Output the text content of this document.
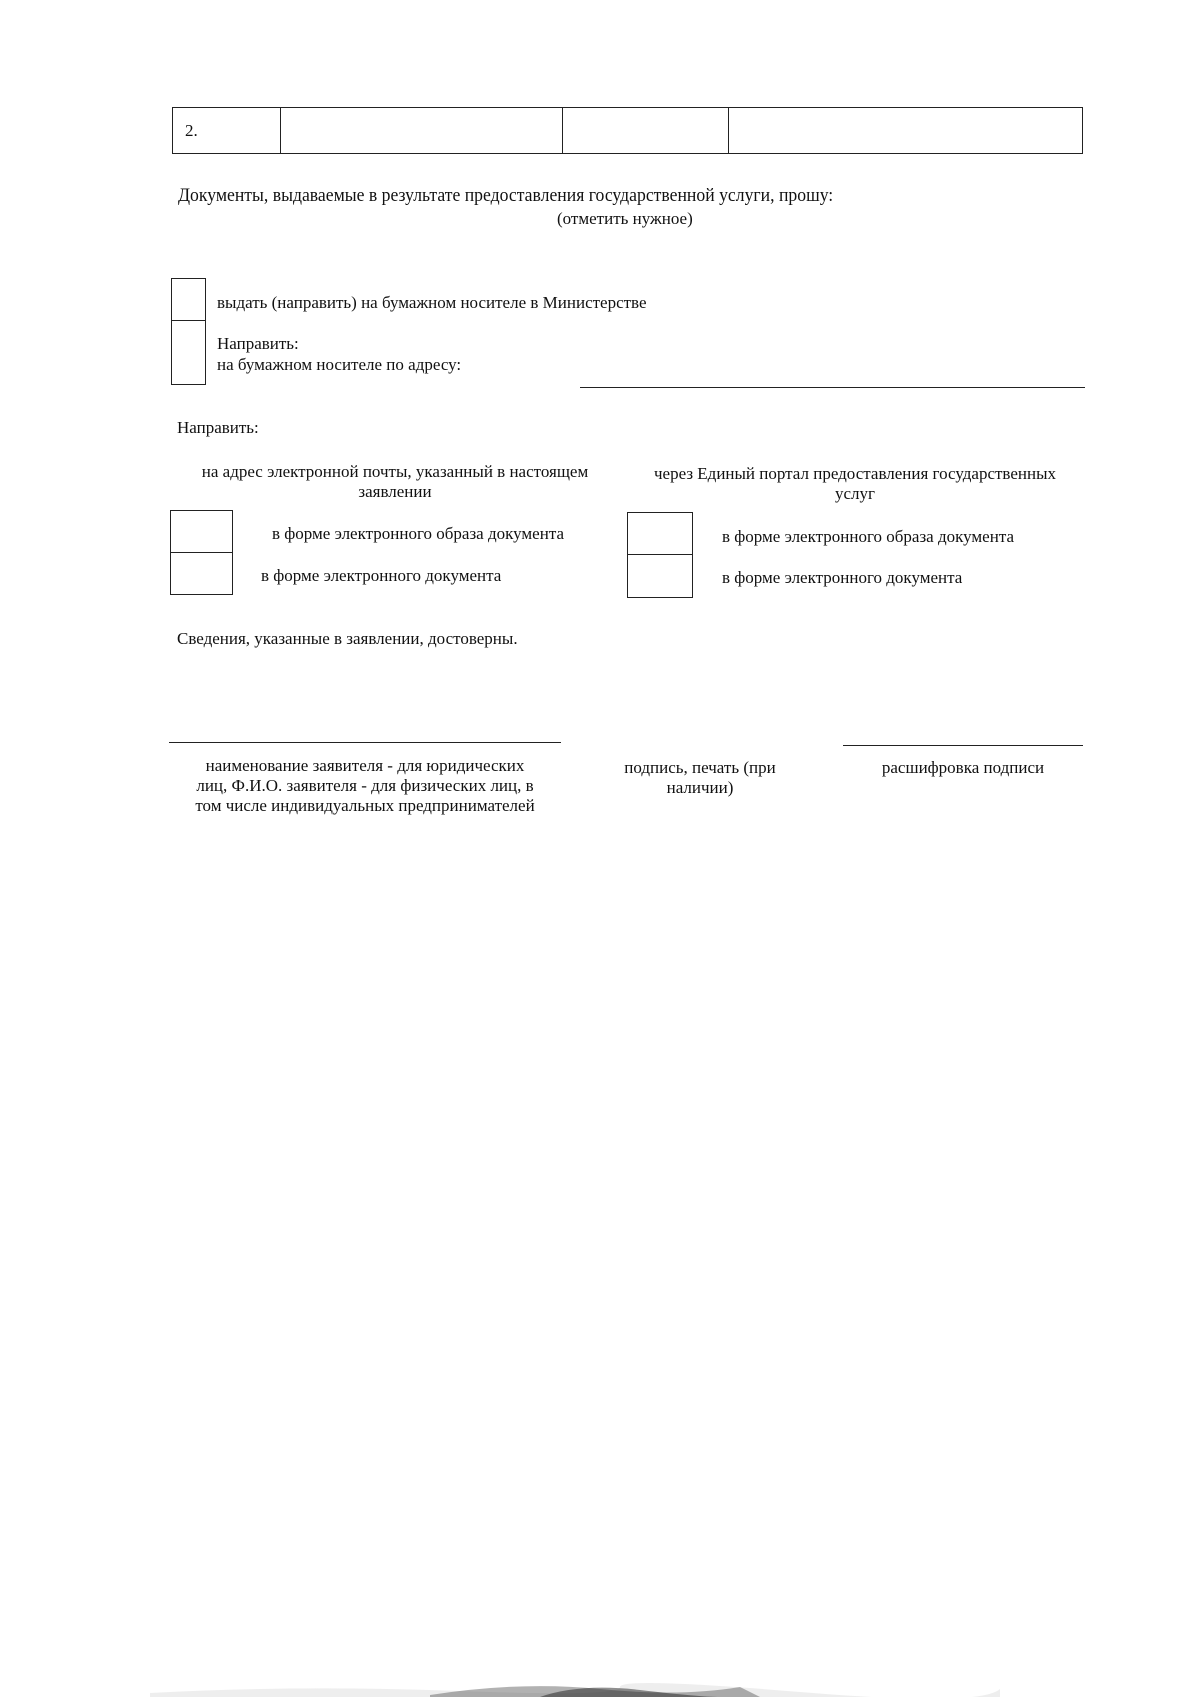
2.
Документы, выдаваемые в результате предоставления государственной услуги, прошу:
(отметить нужное)
выдать (направить) на бумажном носителе в Министерстве
Направить:
на бумажном носителе по адресу:
Направить:
на адрес электронной почты, указанный в настоящем
заявлении
через Единый портал предоставления государственных
услуг
в форме электронного образа документа
в форме электронного документа
в форме электронного образа документа
в форме электронного документа
Сведения, указанные в заявлении, достоверны.
наименование заявителя - для юридических
лиц, Ф.И.О. заявителя - для физических лиц, в
том числе индивидуальных предпринимателей
подпись, печать (при
наличии)
расшифровка подписи
